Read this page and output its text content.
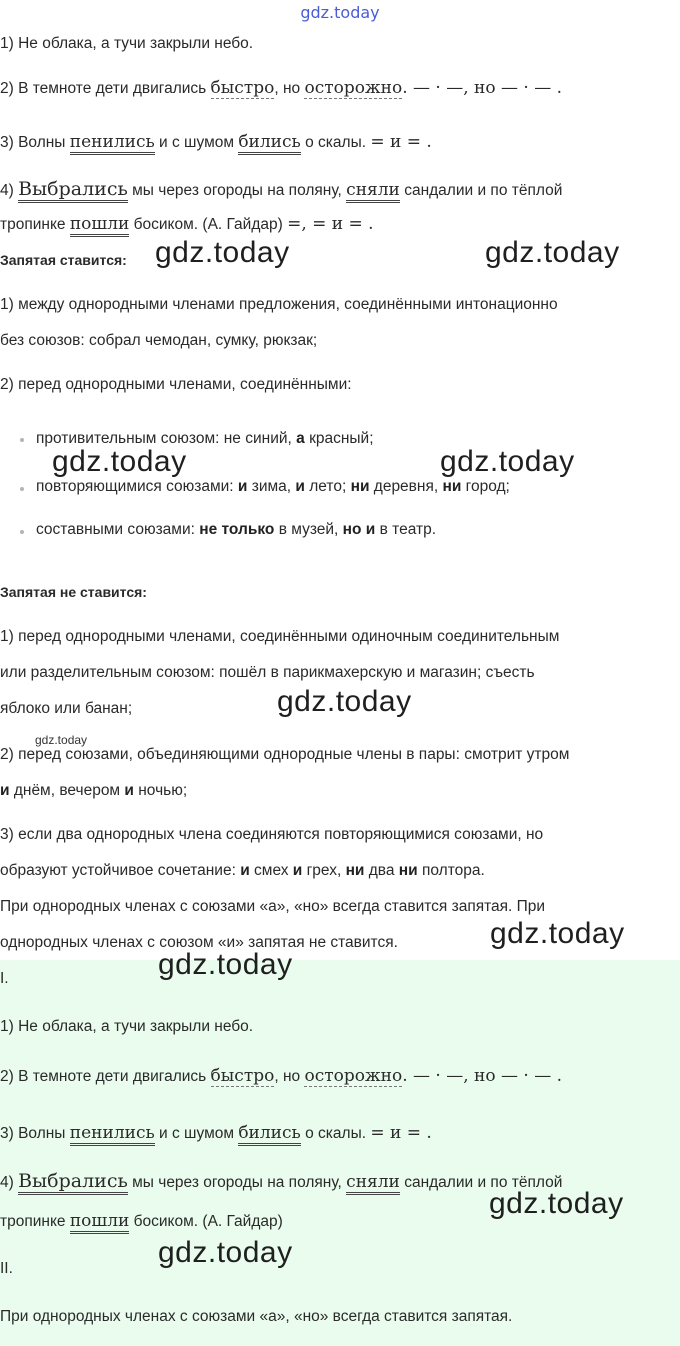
gdz.today
1) Не облака, а тучи закрыли небо.
2) В темноте дети двигались быстро, но осторожно. — · —, но — · — .
3) Волны пенились и с шумом бились о скалы. = и = .
4) Выбрались мы через огороды на поляну, сняли сандалии и по тёплой
тропинке пошли босиком. (А. Гайдар) =, = и = .
Запятая ставится:
1) между однородными членами предложения, соединёнными интонационно
без союзов: собрал чемодан, сумку, рюкзак;
2) перед однородными членами, соединёнными:
противительным союзом: не синий, а красный;
повторяющимися союзами: и зима, и лето; ни деревня, ни город;
составными союзами: не только в музей, но и в театр.
Запятая не ставится:
1) перед однородными членами, соединёнными одиночным соединительным
или разделительным союзом: пошёл в парикмахерскую и магазин; съесть
яблоко или банан;
2) перед союзами, объединяющими однородные члены в пары: смотрит утром
и днём, вечером и ночью;
3) если два однородных члена соединяются повторяющимися союзами, но
образуют устойчивое сочетание: и смех и грех, ни два ни полтора.
При однородных членах с союзами «а», «но» всегда ставится запятая. При
однородных членах с союзом «и» запятая не ставится.
I.
1) Не облака, а тучи закрыли небо.
2) В темноте дети двигались быстро, но осторожно. — · —, но — · — .
3) Волны пенились и с шумом бились о скалы. = и = .
4) Выбрались мы через огороды на поляну, сняли сандалии и по тёплой
тропинке пошли босиком. (А. Гайдар)
II.
При однородных членах с союзами «а», «но» всегда ставится запятая.
gdz.today	gdz.today
gdz.today	gdz.today
gdz.today
gdz.today
gdz.today
gdz.today
gdz.today
gdz.today
